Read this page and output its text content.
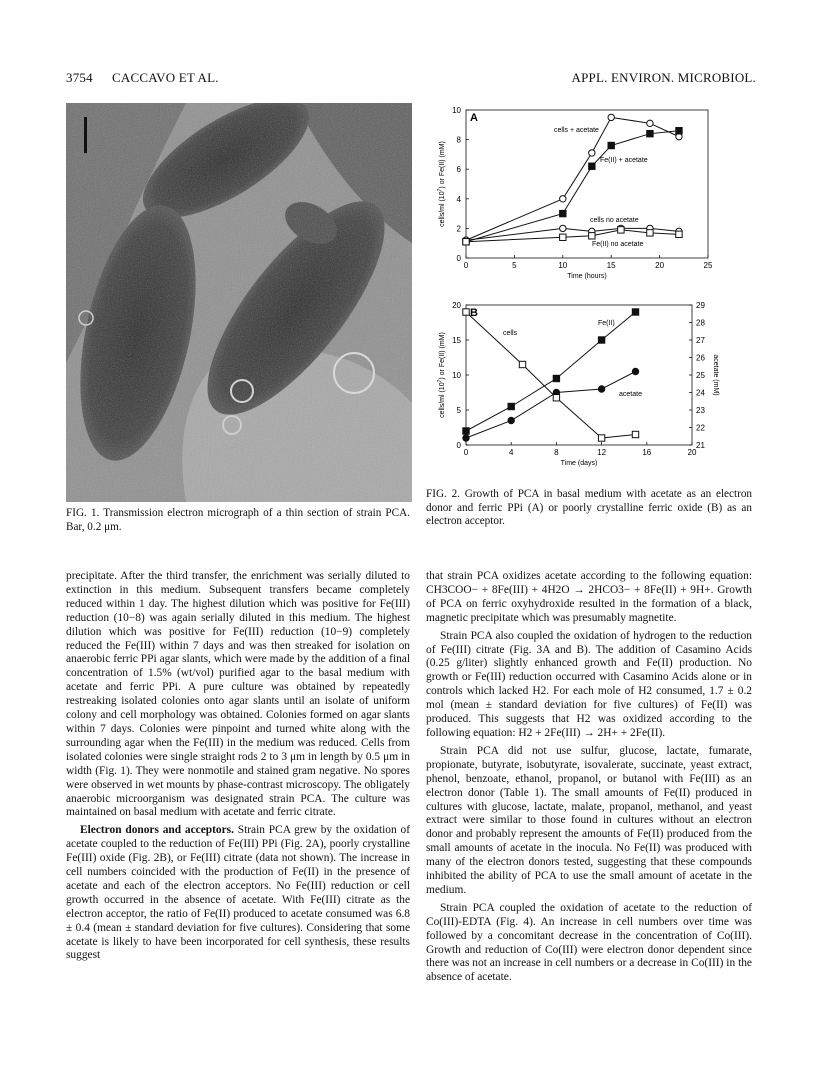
3754 CACCAVO ET AL.	APPL. ENVIRON. MICROBIOL.
FIG. 1. Transmission electron micrograph of a thin section of strain PCA. Bar, 0.2 μm.
0	5	10	15	20	25
0
2
4
6
8
10
Time (hours)
cells/ml $(10^7)$ or Fe(II) (mM)
A
cells + acetate
Fe(II) + acetate
cells no acetate
Fe(II) no acetate
0	4	8	12	16	20
0
5
10
15
20
21
22
23
24
25
26
27
28
29
acetate (mM)
Time (days)
cells/ml $(10^7)$ or Fe(II) (mM)
B
Fe(II)
cells
acetate
FIG. 2. Growth of PCA in basal medium with acetate as an electron donor and ferric PPi (A) or poorly crystalline ferric oxide (B) as an electron acceptor.

precipitate. After the third transfer, the enrichment was serially diluted to extinction in this medium. Subsequent transfers became completely reduced within 1 day. The highest dilution which was positive for Fe(III) reduction (10−8) was again serially diluted in this medium. The highest dilution which was positive for Fe(III) reduction (10−9) completely reduced the Fe(III) within 7 days and was then streaked for isolation on anaerobic ferric PPi agar slants, which were made by the addition of a final concentration of 1.5% (wt/vol) purified agar to the basal medium with acetate and ferric PPi. A pure culture was obtained by repeatedly restreaking isolated colonies onto agar slants until an isolate of uniform colony and cell morphology was obtained. Colonies formed on agar slants within 7 days. Colonies were pinpoint and turned white along with the surrounding agar when the Fe(III) in the medium was reduced. Cells from isolated colonies were single straight rods 2 to 3 μm in length by 0.5 μm in width (Fig. 1). They were nonmotile and stained gram negative. No spores were observed in wet mounts by phase-contrast microscopy. The obligately anaerobic microorganism was designated strain PCA. The culture was maintained on basal medium with acetate and ferric citrate.

Electron donors and acceptors. Strain PCA grew by the oxidation of acetate coupled to the reduction of Fe(III) PPi (Fig. 2A), poorly crystalline Fe(III) oxide (Fig. 2B), or Fe(III) citrate (data not shown). The increase in cell numbers coincided with the production of Fe(II) in the presence of acetate and each of the electron acceptors. No Fe(III) reduction or cell growth occurred in the absence of acetate. With Fe(III) citrate as the electron acceptor, the ratio of Fe(II) produced to acetate consumed was 6.8 ± 0.4 (mean ± standard deviation for five cultures). Considering that some acetate is likely to have been incorporated for cell synthesis, these results suggest

that strain PCA oxidizes acetate according to the following equation: CH3COO− + 8Fe(III) + 4H2O → 2HCO3− + 8Fe(II) + 9H+. Growth of PCA on ferric oxyhydroxide resulted in the formation of a black, magnetic precipitate which was presumably magnetite.

Strain PCA also coupled the oxidation of hydrogen to the reduction of Fe(III) citrate (Fig. 3A and B). The addition of Casamino Acids (0.25 g/liter) slightly enhanced growth and Fe(II) production. No growth or Fe(III) reduction occurred with Casamino Acids alone or in controls which lacked H2. For each mole of H2 consumed, 1.7 ± 0.2 mol (mean ± standard deviation for five cultures) of Fe(II) was produced. This suggests that H2 was oxidized according to the following equation: H2 + 2Fe(III) → 2H+ + 2Fe(II).

Strain PCA did not use sulfur, glucose, lactate, fumarate, propionate, butyrate, isobutyrate, isovalerate, succinate, yeast extract, phenol, benzoate, ethanol, propanol, or butanol with Fe(III) as an electron donor (Table 1). The small amounts of Fe(II) produced in cultures with glucose, lactate, malate, propanol, methanol, and yeast extract were similar to those found in cultures without an electron donor and probably represent the amounts of Fe(II) produced from the small amounts of acetate in the inocula. No Fe(II) was produced with many of the electron donors tested, suggesting that these compounds inhibited the ability of PCA to use the small amount of acetate in the medium.

Strain PCA coupled the oxidation of acetate to the reduction of Co(III)-EDTA (Fig. 4). An increase in cell numbers over time was followed by a concomitant decrease in the concentration of Co(III). Growth and reduction of Co(III) were electron donor dependent since there was not an increase in cell numbers or a decrease in Co(III) in the absence of acetate.
